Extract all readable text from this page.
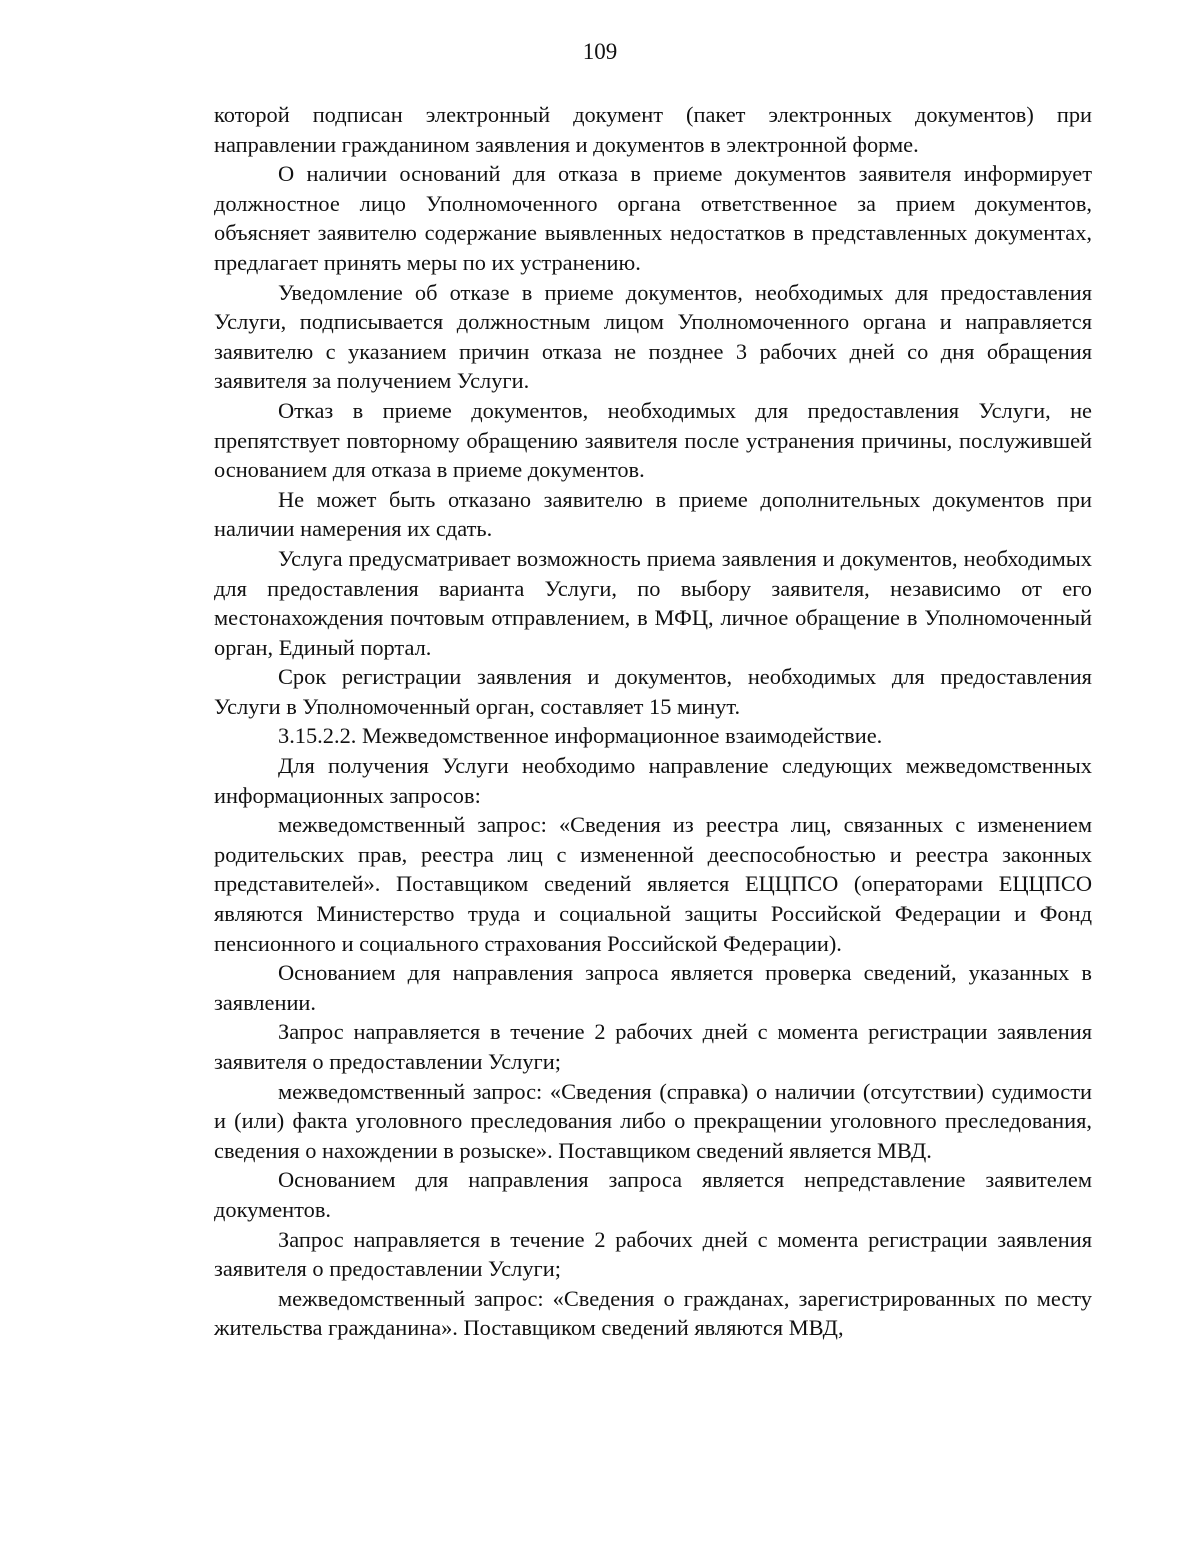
109

которой подписан электронный документ (пакет электронных документов) при направлении гражданином заявления и документов в электронной форме.

О наличии оснований для отказа в приеме документов заявителя информирует должностное лицо Уполномоченного органа ответственное за прием документов, объясняет заявителю содержание выявленных недостатков в представленных документах, предлагает принять меры по их устранению.

Уведомление об отказе в приеме документов, необходимых для предоставления Услуги, подписывается должностным лицом Уполномоченного органа и направляется заявителю с указанием причин отказа не позднее 3 рабочих дней со дня обращения заявителя за получением Услуги.

Отказ в приеме документов, необходимых для предоставления Услуги, не препятствует повторному обращению заявителя после устранения причины, послужившей основанием для отказа в приеме документов.

Не может быть отказано заявителю в приеме дополнительных документов при наличии намерения их сдать.

Услуга предусматривает возможность приема заявления и документов, необходимых для предоставления варианта Услуги, по выбору заявителя, независимо от его местонахождения почтовым отправлением, в МФЦ, личное обращение в Уполномоченный орган, Единый портал.

Срок регистрации заявления и документов, необходимых для предоставления Услуги в Уполномоченный орган, составляет 15 минут.

3.15.2.2. Межведомственное информационное взаимодействие.

Для получения Услуги необходимо направление следующих межведомственных информационных запросов:

межведомственный запрос: «Сведения из реестра лиц, связанных с изменением родительских прав, реестра лиц с измененной дееспособностью и реестра законных представителей». Поставщиком сведений является ЕЦЦПСО (операторами ЕЦЦПСО являются Министерство труда и социальной защиты Российской Федерации и Фонд пенсионного и социального страхования Российской Федерации).

Основанием для направления запроса является проверка сведений, указанных в заявлении.

Запрос направляется в течение 2 рабочих дней с момента регистрации заявления заявителя о предоставлении Услуги;

межведомственный запрос: «Сведения (справка) о наличии (отсутствии) судимости и (или) факта уголовного преследования либо о прекращении уголовного преследования, сведения о нахождении в розыске». Поставщиком сведений является МВД.

Основанием для направления запроса является непредставление заявителем документов.

Запрос направляется в течение 2 рабочих дней с момента регистрации заявления заявителя о предоставлении Услуги;

межведомственный запрос: «Сведения о гражданах, зарегистрированных по месту жительства гражданина». Поставщиком сведений являются МВД,
